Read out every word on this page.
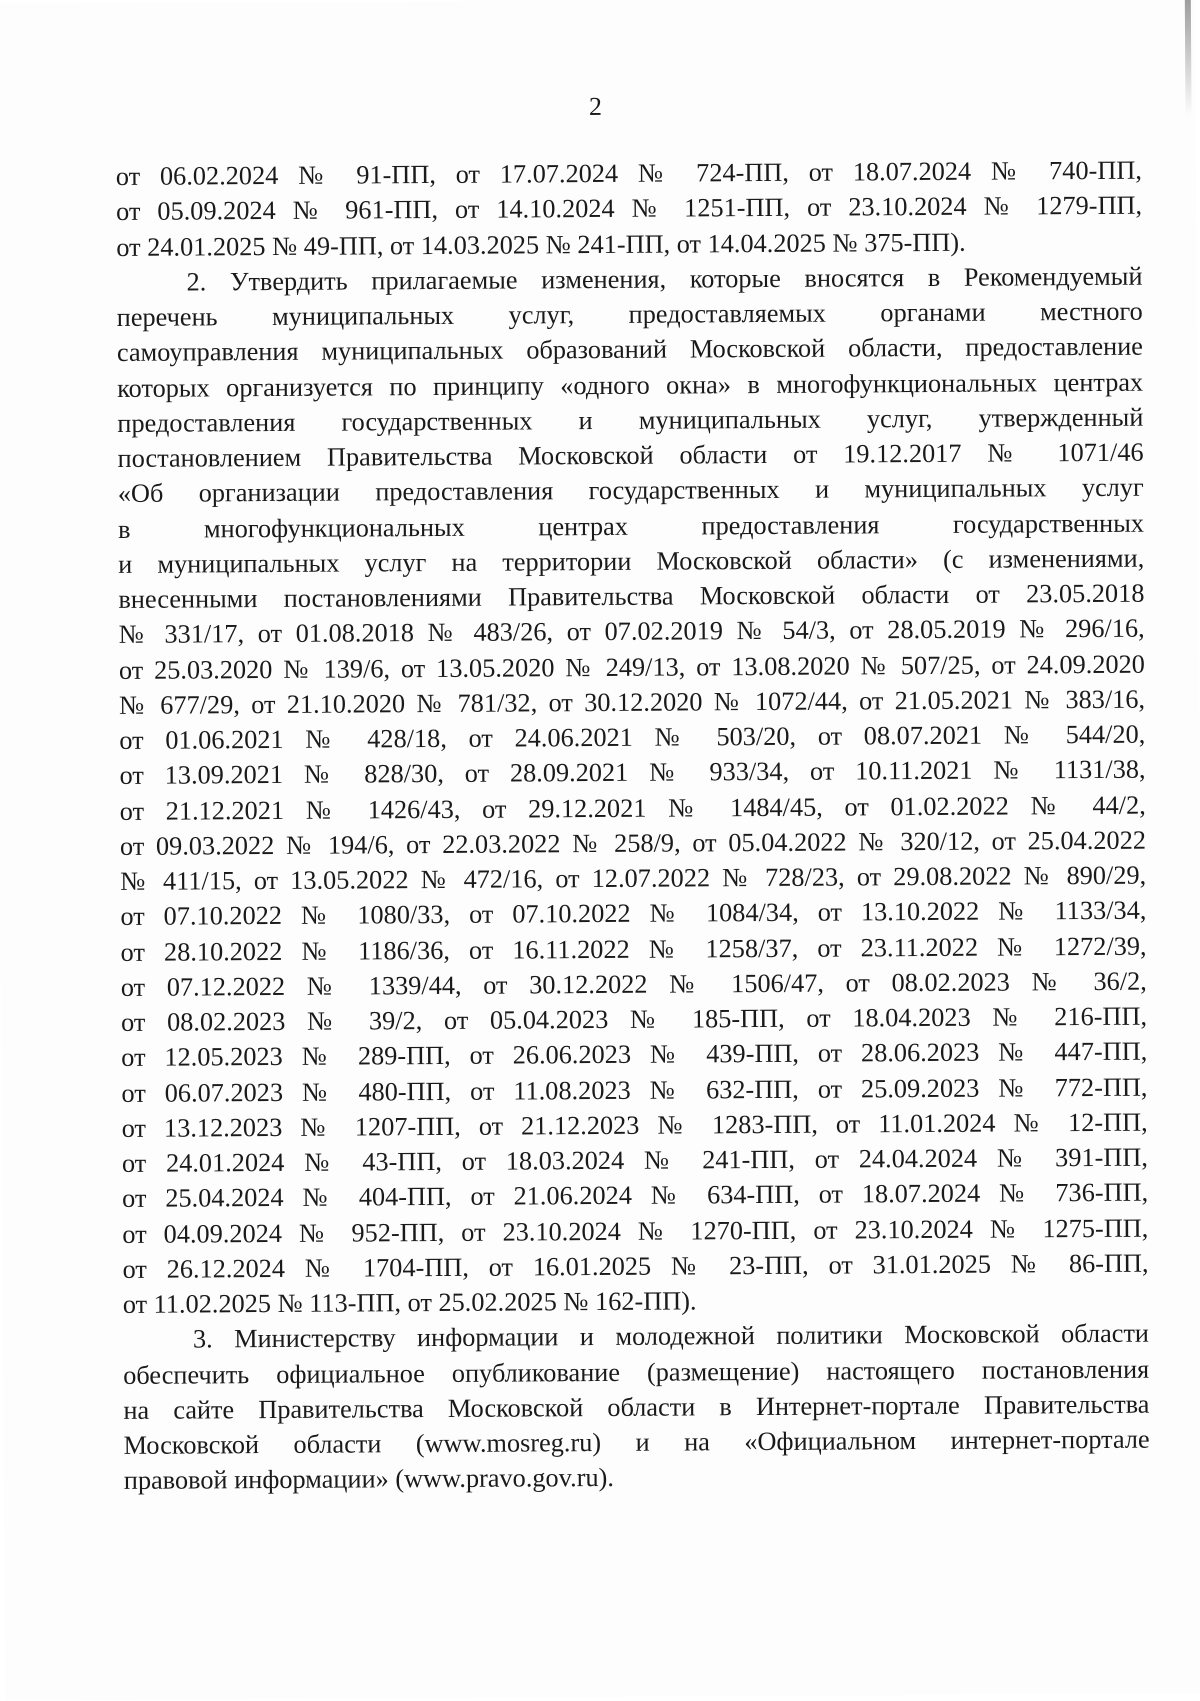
2
от 06.02.2024 № 91-ПП, от 17.07.2024 № 724-ПП, от 18.07.2024 № 740-ПП,
от 05.09.2024 № 961-ПП, от 14.10.2024 № 1251-ПП, от 23.10.2024 № 1279-ПП,
от 24.01.2025 № 49-ПП, от 14.03.2025 № 241-ПП, от 14.04.2025 № 375-ПП).
2. Утвердить прилагаемые изменения, которые вносятся в Рекомендуемый
перечень муниципальных услуг, предоставляемых органами местного
самоуправления муниципальных образований Московской области, предоставление
которых организуется по принципу «одного окна» в многофункциональных центрах
предоставления государственных и муниципальных услуг, утвержденный
постановлением Правительства Московской области от 19.12.2017 № 1071/46
«Об организации предоставления государственных и муниципальных услуг
в многофункциональных центрах предоставления государственных
и муниципальных услуг на территории Московской области» (с изменениями,
внесенными постановлениями Правительства Московской области от 23.05.2018
№ 331/17, от 01.08.2018 № 483/26, от 07.02.2019 № 54/3, от 28.05.2019 № 296/16,
от 25.03.2020 № 139/6, от 13.05.2020 № 249/13, от 13.08.2020 № 507/25, от 24.09.2020
№ 677/29, от 21.10.2020 № 781/32, от 30.12.2020 № 1072/44, от 21.05.2021 № 383/16,
от 01.06.2021 № 428/18, от 24.06.2021 № 503/20, от 08.07.2021 № 544/20,
от 13.09.2021 № 828/30, от 28.09.2021 № 933/34, от 10.11.2021 № 1131/38,
от 21.12.2021 № 1426/43, от 29.12.2021 № 1484/45, от 01.02.2022 № 44/2,
от 09.03.2022 № 194/6, от 22.03.2022 № 258/9, от 05.04.2022 № 320/12, от 25.04.2022
№ 411/15, от 13.05.2022 № 472/16, от 12.07.2022 № 728/23, от 29.08.2022 № 890/29,
от 07.10.2022 № 1080/33, от 07.10.2022 № 1084/34, от 13.10.2022 № 1133/34,
от 28.10.2022 № 1186/36, от 16.11.2022 № 1258/37, от 23.11.2022 № 1272/39,
от 07.12.2022 № 1339/44, от 30.12.2022 № 1506/47, от 08.02.2023 № 36/2,
от 08.02.2023 № 39/2, от 05.04.2023 № 185-ПП, от 18.04.2023 № 216-ПП,
от 12.05.2023 № 289-ПП, от 26.06.2023 № 439-ПП, от 28.06.2023 № 447-ПП,
от 06.07.2023 № 480-ПП, от 11.08.2023 № 632-ПП, от 25.09.2023 № 772-ПП,
от 13.12.2023 № 1207-ПП, от 21.12.2023 № 1283-ПП, от 11.01.2024 № 12-ПП,
от 24.01.2024 № 43-ПП, от 18.03.2024 № 241-ПП, от 24.04.2024 № 391-ПП,
от 25.04.2024 № 404-ПП, от 21.06.2024 № 634-ПП, от 18.07.2024 № 736-ПП,
от 04.09.2024 № 952-ПП, от 23.10.2024 № 1270-ПП, от 23.10.2024 № 1275-ПП,
от 26.12.2024 № 1704-ПП, от 16.01.2025 № 23-ПП, от 31.01.2025 № 86-ПП,
от 11.02.2025 № 113-ПП, от 25.02.2025 № 162-ПП).
3. Министерству информации и молодежной политики Московской области
обеспечить официальное опубликование (размещение) настоящего постановления
на сайте Правительства Московской области в Интернет-портале Правительства
Московской области (www.mosreg.ru) и на «Официальном интернет-портале
правовой информации» (www.pravo.gov.ru).
